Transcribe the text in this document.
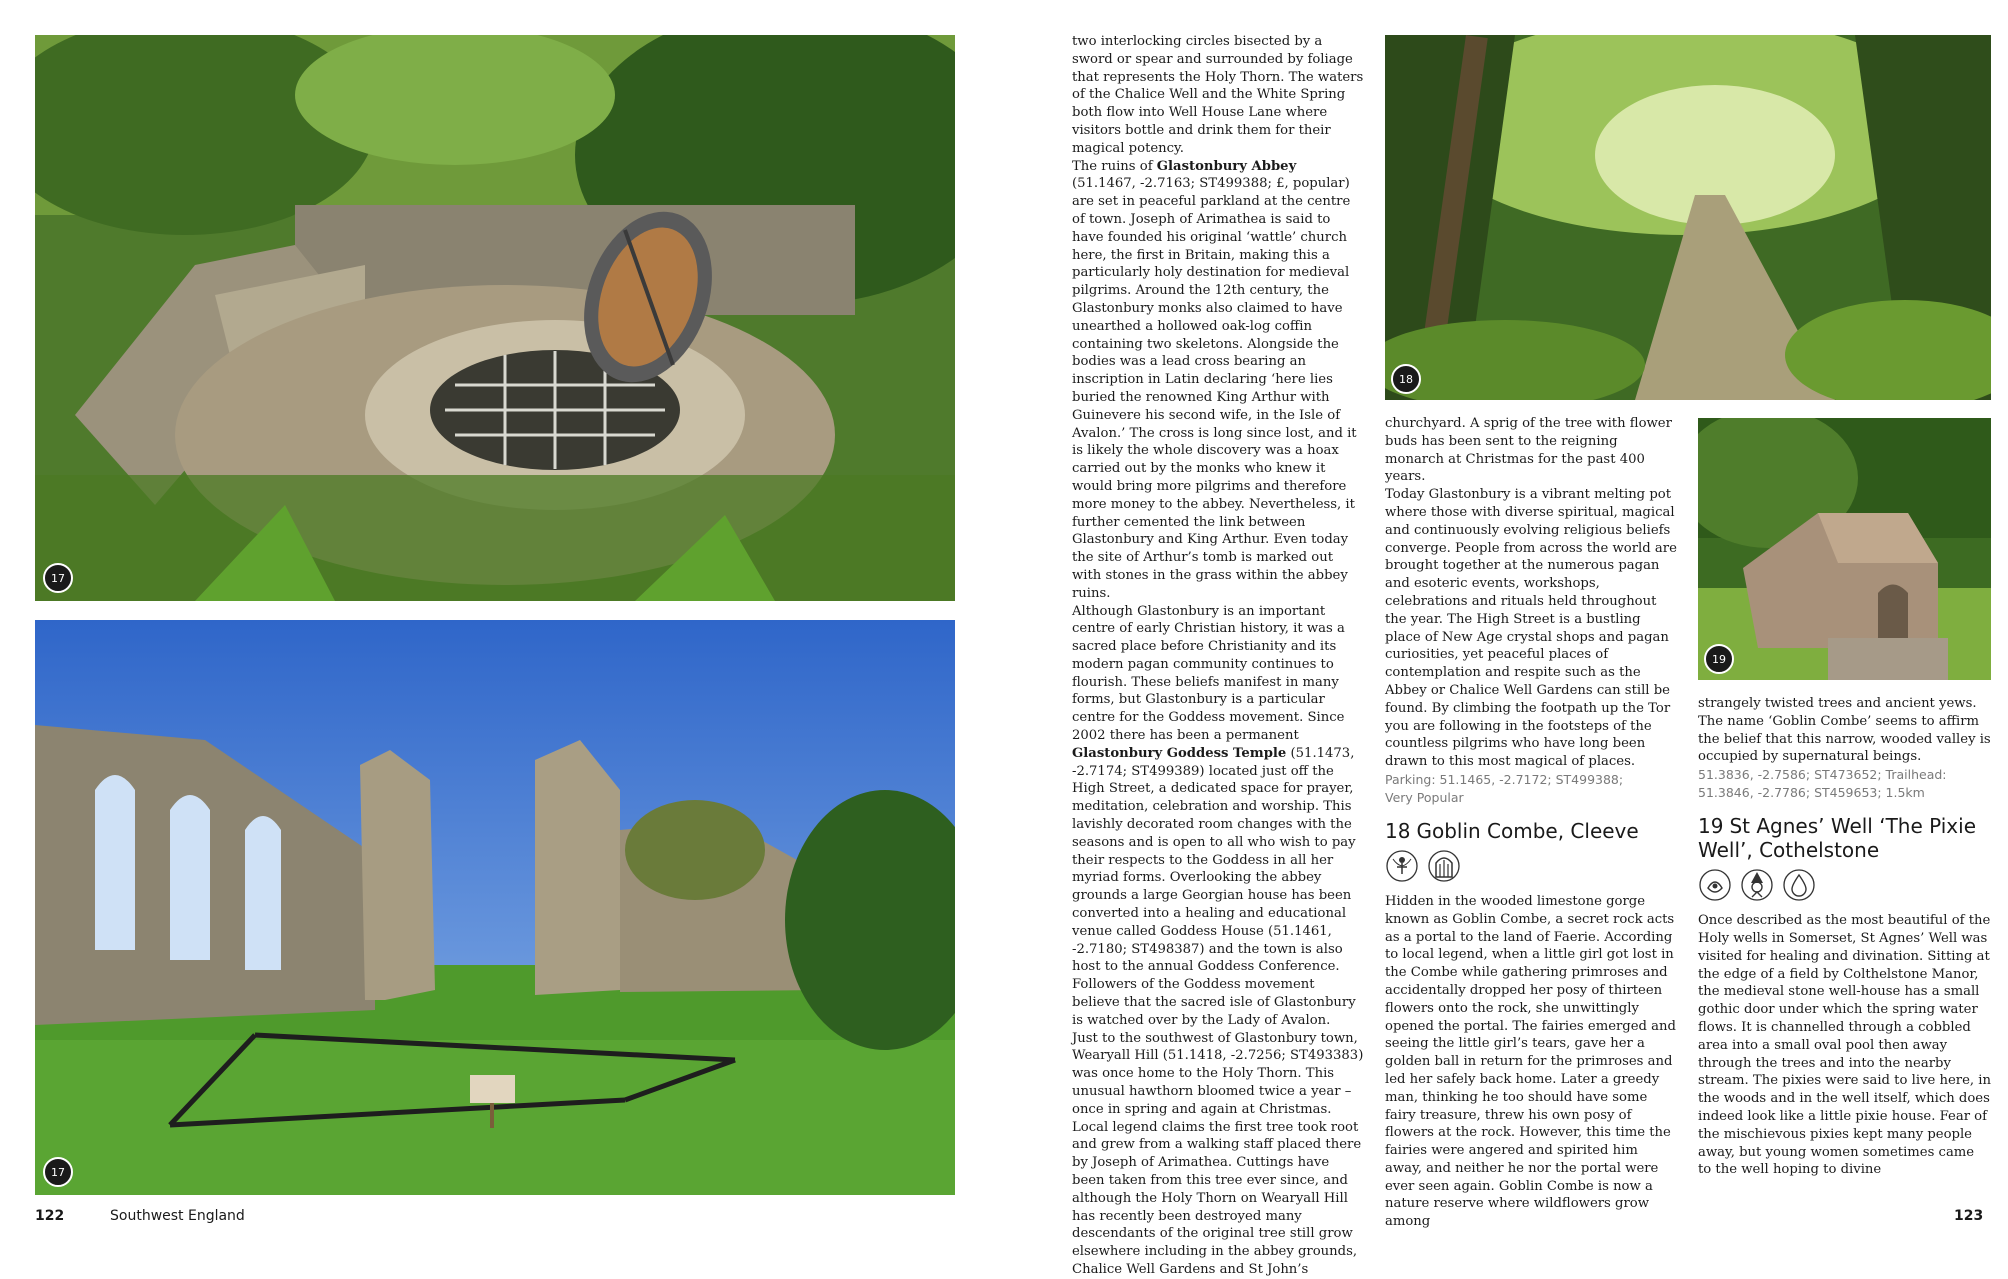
17
17
122	Southwest England

two interlocking circles bisected by a sword or spear and surrounded by foliage that represents the Holy Thorn. The waters of the Chalice Well and the White Spring both flow into Well House Lane where visitors bottle and drink them for their magical potency.

The ruins of Glastonbury Abbey (51.1467, -2.7163; ST499388; £, popular) are set in peaceful parkland at the centre of town. Joseph of Arimathea is said to have founded his original ‘wattle’ church here, the first in Britain, making this a particularly holy destination for medieval pilgrims. Around the 12th century, the Glastonbury monks also claimed to have unearthed a hollowed oak-log coffin containing two skeletons. Alongside the bodies was a lead cross bearing an inscription in Latin declaring ‘here lies buried the renowned King Arthur with Guinevere his second wife, in the Isle of Avalon.’ The cross is long since lost, and it is likely the whole discovery was a hoax carried out by the monks who knew it would bring more pilgrims and therefore more money to the abbey. Nevertheless, it further cemented the link between Glastonbury and King Arthur. Even today the site of Arthur’s tomb is marked out with stones in the grass within the abbey ruins.

Although Glastonbury is an important centre of early Christian history, it was a sacred place before Christianity and its modern pagan community continues to flourish. These beliefs manifest in many forms, but Glastonbury is a particular centre for the Goddess movement. Since 2002 there has been a permanent Glastonbury Goddess Temple (51.1473, -2.7174; ST499389) located just off the High Street, a dedicated space for prayer, meditation, celebration and worship. This lavishly decorated room changes with the seasons and is open to all who wish to pay their respects to the Goddess in all her myriad forms. Overlooking the abbey grounds a large Georgian house has been converted into a healing and educational venue called Goddess House (51.1461, -2.7180; ST498387) and the town is also host to the annual Goddess Conference. Followers of the Goddess movement believe that the sacred isle of Glastonbury is watched over by the Lady of Avalon.

Just to the southwest of Glastonbury town, Wearyall Hill (51.1418, -2.7256; ST493383) was once home to the Holy Thorn. This unusual hawthorn bloomed twice a year – once in spring and again at Christmas. Local legend claims the first tree took root and grew from a walking staff placed there by Joseph of Arimathea. Cuttings have been taken from this tree ever since, and although the Holy Thorn on Wearyall Hill has recently been destroyed many descendants of the original tree still grow elsewhere including in the abbey grounds, Chalice Well Gardens and St John’s

18

churchyard. A sprig of the tree with flower buds has been sent to the reigning monarch at Christmas for the past 400 years.

Today Glastonbury is a vibrant melting pot where those with diverse spiritual, magical and continuously evolving religious beliefs converge. People from across the world are brought together at the numerous pagan and esoteric events, workshops, celebrations and rituals held throughout the year. The High Street is a bustling place of New Age crystal shops and pagan curiosities, yet peaceful places of contemplation and respite such as the Abbey or Chalice Well Gardens can still be found. By climbing the footpath up the Tor you are following in the footsteps of the countless pilgrims who have long been drawn to this most magical of places.

Parking: 51.1465, -2.7172; ST499388;
Very Popular
18 Goblin Combe, Cleeve

Hidden in the wooded limestone gorge known as Goblin Combe, a secret rock acts as a portal to the land of Faerie. According to local legend, when a little girl got lost in the Combe while gathering primroses and accidentally dropped her posy of thirteen flowers onto the rock, she unwittingly opened the portal. The fairies emerged and seeing the little girl’s tears, gave her a golden ball in return for the primroses and led her safely back home. Later a greedy man, thinking he too should have some fairy treasure, threw his own posy of flowers at the rock. However, this time the fairies were angered and spirited him away, and neither he nor the portal were ever seen again. Goblin Combe is now a nature reserve where wildflowers grow among

19

strangely twisted trees and ancient yews. The name ‘Goblin Combe’ seems to affirm the belief that this narrow, wooded valley is occupied by supernatural beings.

51.3836, -2.7586; ST473652; Trailhead:
51.3846, -2.7786; ST459653; 1.5km
19 St Agnes’ Well ‘The Pixie Well’, Cothelstone

Once described as the most beautiful of the Holy wells in Somerset, St Agnes’ Well was visited for healing and divination. Sitting at the edge of a field by Colthelstone Manor, the medieval stone well-house has a small gothic door under which the spring water flows. It is channelled through a cobbled area into a small oval pool then away through the trees and into the nearby stream. The pixies were said to live here, in the woods and in the well itself, which does indeed look like a little pixie house. Fear of the mischievous pixies kept many people away, but young women sometimes came to the well hoping to divine

123
